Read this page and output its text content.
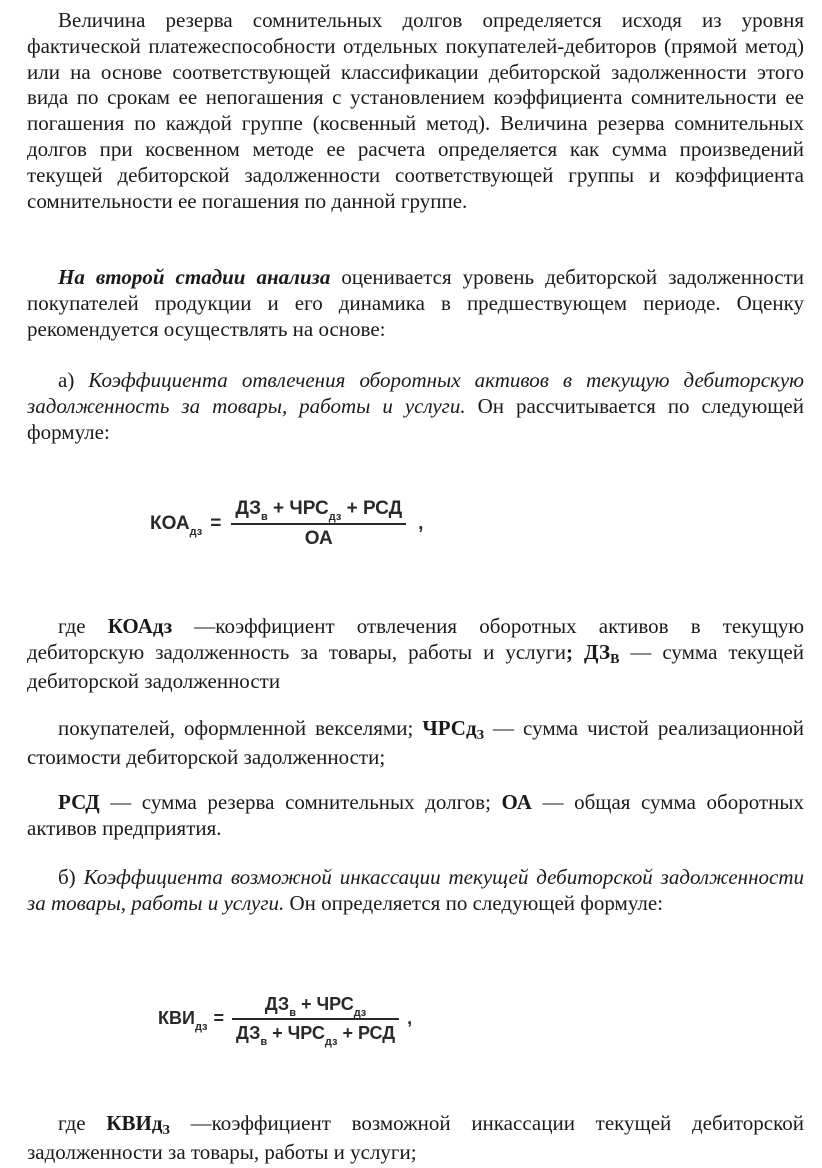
Величина резерва сомнительных долгов определяется исходя из уровня фактической платежеспособности отдельных покупателей-дебиторов (прямой метод) или на основе соответствующей классификации дебиторской задолженности этого вида по срокам ее непогашения с установлением коэффициента сомнительности ее погашения по каждой группе (косвенный метод). Величина резерва сомнительных долгов при косвенном методе ее расчета определяется как сумма произведений текущей дебиторской задолженности соответствующей группы и коэффициента сомнительности ее погашения по данной группе.

На второй стадии анализа оценивается уровень дебиторской задолженности покупателей продукции и его динамика в предшествующем периоде. Оценку рекомендуется осуществлять на основе:

а) Коэффициента отвлечения оборотных активов в текущую дебиторскую задолженность за товары, работы и услуги. Он рассчитывается по следующей формуле:

$КОА_{дз} = \frac{ДЗ_в + ЧРС_{дз} + РСД}{ОА}$ ,

где КОАдз —коэффициент отвлечения оборотных активов в текущую дебиторскую задолженность за товары, работы и услуги; ДЗВ — сумма текущей дебиторской задолженности

покупателей, оформленной векселями; ЧРСдЗ — сумма чистой реализационной стоимости дебиторской задолженности;

РСД — сумма резерва сомнительных долгов; ОА — общая сумма оборотных активов предприятия.

б) Коэффициента возможной инкассации текущей дебиторской задолженности за товары, работы и услуги. Он определяется по следующей формуле:

$КВИ_{дз} = \frac{ДЗ_в + ЧРС_{дз}}{ДЗ_в + ЧРС_{дз} + РСД}$ ,

где КВИдЗ —коэффициент возможной инкассации текущей дебиторской задолженности за товары, работы и услуги;
